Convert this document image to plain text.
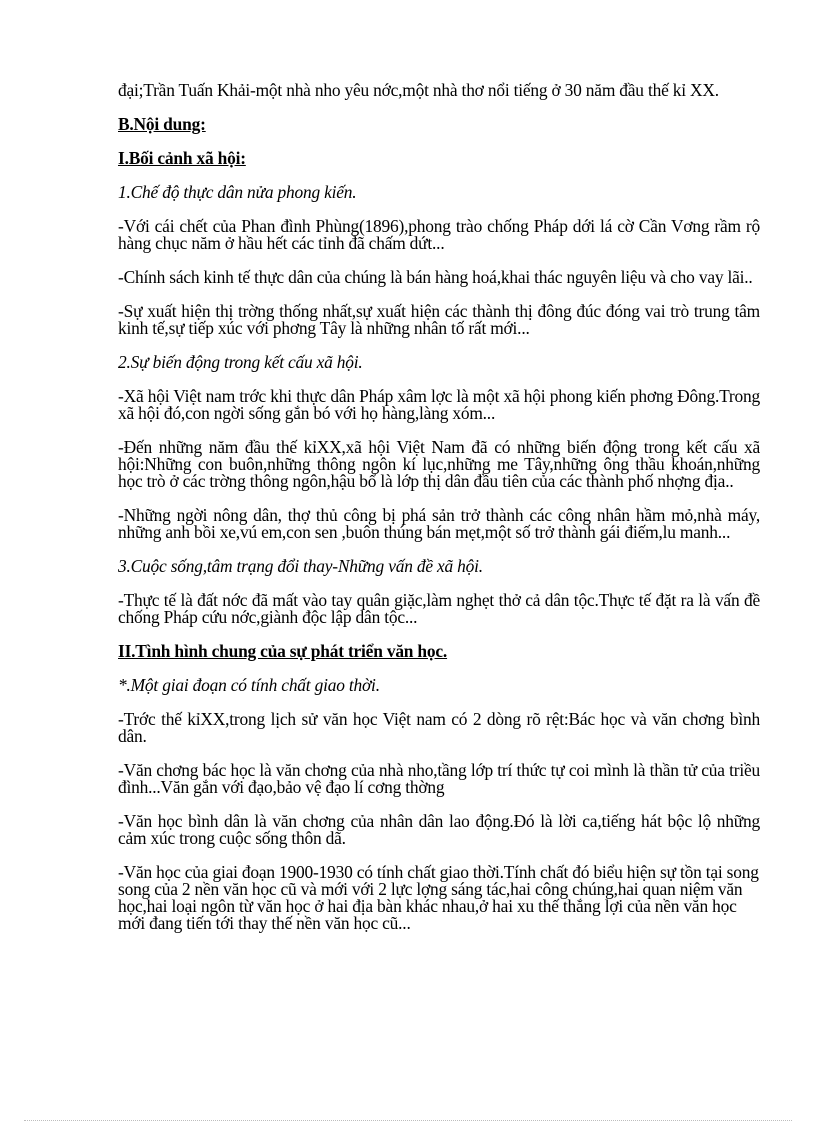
đại;Trần Tuấn Khải-một nhà nho yêu nớc,một nhà thơ nổi tiếng ở 30 năm đầu thế kỉ XX.

B.Nội dung:

I.Bối cảnh xã hội:

1.Chế độ thực dân nửa phong kiến.

-Với cái chết của Phan đình Phùng(1896),phong trào chống Pháp dới lá cờ Cần Vơng rầm rộ hàng chục năm ở hầu hết các tỉnh đã chấm dứt...

-Chính sách kinh tế thực dân của chúng là bán hàng hoá,khai thác nguyên liệu và cho vay lãi..

-Sự xuất hiện thị trờng thống nhất,sự xuất hiện các thành thị đông đúc đóng vai trò trung tâm kinh tế,sự tiếp xúc với phơng Tây là những nhân tố rất mới...

2.Sự biến động trong kết cấu xã hội.

-Xã hội Việt nam trớc khi thực dân Pháp xâm lợc là một xã hội phong kiến phơng Đông.Trong xã hội đó,con ngời sống gắn bó với họ hàng,làng xóm...

-Đến những năm đầu thế kỉXX,xã hội Việt Nam đã có những biến động trong kết cấu xã hội:Những con buôn,những thông ngôn kí lục,những me Tây,những ông thầu khoán,những học trò ở các trờng thông ngôn,hậu bổ là lớp thị dân đầu tiên của các thành phố nhợng địa..

-Những ngời nông dân, thợ thủ công bị phá sản trở thành các công nhân hầm mỏ,nhà máy, những anh bồi xe,vú em,con sen ,buôn thúng bán mẹt,một số trở thành gái điếm,lu manh...

3.Cuộc sống,tâm trạng đổi thay-Những vấn đề xã hội.

-Thực tế là đất nớc đã mất vào tay quân giặc,làm nghẹt thở cả dân tộc.Thực tế đặt ra là vấn đề chống Pháp cứu nớc,giành độc lập dân tộc...

II.Tình hình chung của sự phát triển văn học.

*.Một giai đoạn có tính chất giao thời.

-Trớc thế kỉXX,trong lịch sử văn học Việt nam có 2 dòng rõ rệt:Bác học và văn chơng bình dân.

-Văn chơng bác học là văn chơng của nhà nho,tầng lớp trí thức tự coi mình là thần tử của triều đình...Văn gắn với đạo,bảo vệ đạo lí cơng thờng

-Văn học bình dân là văn chơng của nhân dân lao động.Đó là lời ca,tiếng hát bộc lộ những cảm xúc trong cuộc sống thôn dã.

-Văn học của giai đoạn 1900-1930 có tính chất giao thời.Tính chất đó biểu hiện sự tồn tại song song của 2 nền văn học cũ và mới với 2 lực lợng sáng tác,hai công chúng,hai quan niệm văn học,hai loại ngôn từ văn học ở hai địa bàn khác nhau,ở hai xu thế thắng lợi của nền văn học mới đang tiến tới thay thế nền văn học cũ...
